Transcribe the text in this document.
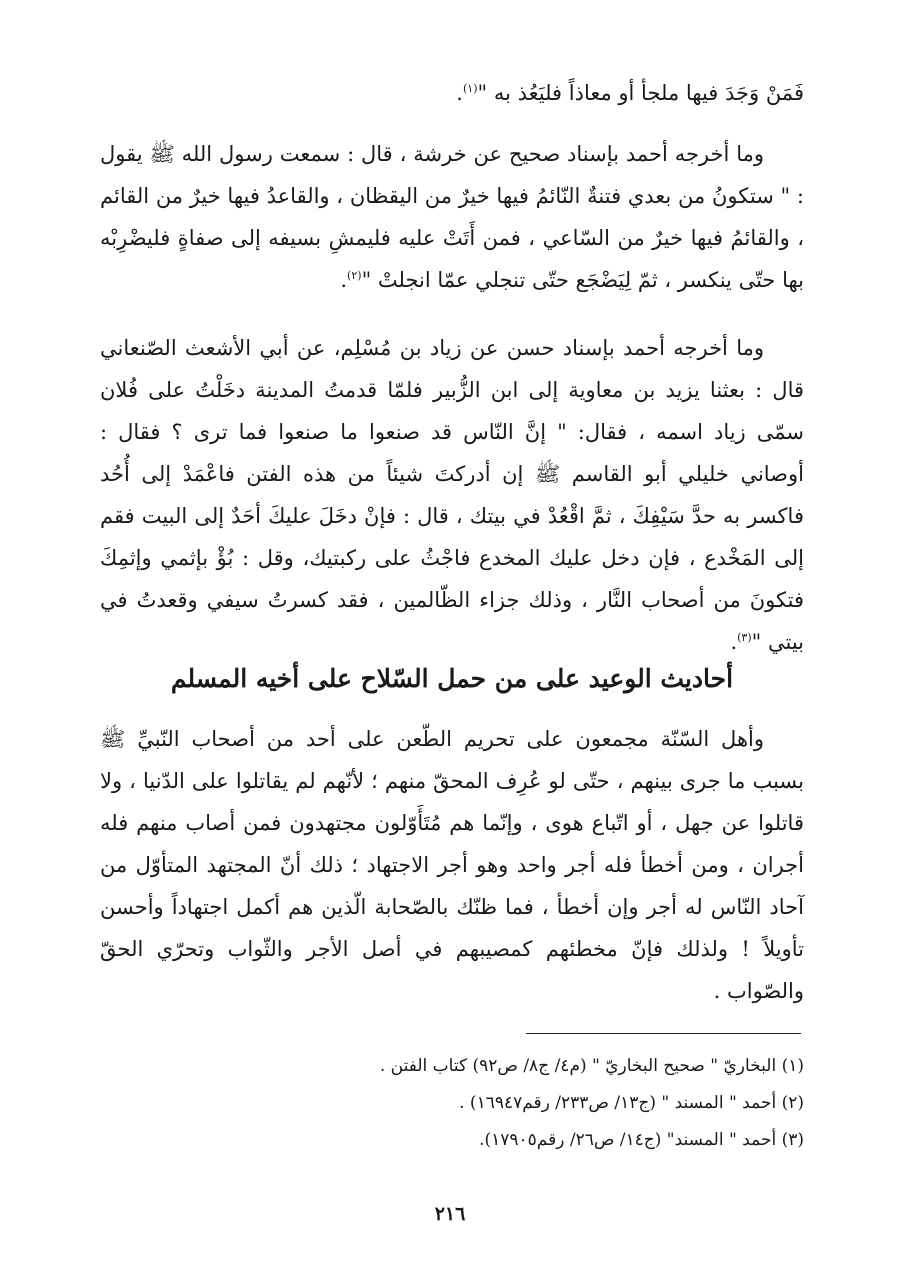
فَمَنْ وَجَدَ فيها ملجأ أو معاذاً فليَعُذ به "$^{(١)}$.

وما أخرجه أحمد بإسناد صحيح عن خرشة ، قال : سمعت رسول الله ﷺ يقول : " ستكونُ من بعدي فتنةٌ النّائمُ فيها خيرٌ من اليقظان ، والقاعدُ فيها خيرٌ من القائم ، والقائمُ فيها خيرٌ من السّاعي ، فمن أَتَتْ عليه فليمشِ بسيفه إلى صفاةٍ فليضْرِبْه بها حتّى ينكسر ، ثمّ لِيَضْجَع حتّى تنجلي عمّا انجلتْ "$^{(٢)}$.

وما أخرجه أحمد بإسناد حسن عن زياد بن مُسْلِم، عن أبي الأشعث الصّنعاني قال : بعثنا يزيد بن معاوية إلى ابن الزُّبير فلمّا قدمتُ المدينة دخَلْتُ على فُلان سمّى زياد اسمه ، فقال: " إنَّ النّاس قد صنعوا ما صنعوا فما ترى ؟ فقال : أوصاني خليلي أبو القاسم ﷺ إن أدركتَ شيئاً من هذه الفتن فاعْمَدْ إلى أُحُد فاكسر به حدَّ سَيْفِكَ ، ثمَّ اقْعُدْ في بيتك ، قال : فإنْ دخَلَ عليكَ أحَدٌ إلى البيت فقم إلى المَخْدع ، فإن دخل عليك المخدع فاجْثُ على ركبتيك، وقل : بُؤْ بإثمي وإثمِكَ فتكونَ من أصحاب النَّار ، وذلك جزاء الظّالمين ، فقد كسرتُ سيفي وقعدتُ في بيتي "$^{(٣)}$.

أحاديث الوعيد على من حمل السّلاح على أخيه المسلم

وأهل السّنّة مجمعون على تحريم الطّعن على أحد من أصحاب النّبيِّ ﷺ بسبب ما جرى بينهم ، حتّى لو عُرِف المحقّ منهم ؛ لأنّهم لم يقاتلوا على الدّنيا ، ولا قاتلوا عن جهل ، أو اتّباع هوى ، وإنّما هم مُتَأَوّلون مجتهدون فمن أصاب منهم فله أجران ، ومن أخطأ فله أجر واحد وهو أجر الاجتهاد ؛ ذلك أنّ المجتهد المتأوّل من آحاد النّاس له أجر وإن أخطأ ، فما ظنّك بالصّحابة الّذين هم أكمل اجتهاداً وأحسن تأويلاً ! ولذلك فإنّ مخطئهم كمصيبهم في أصل الأجر والثّواب وتحرّي الحقّ والصّواب .

(١) البخاريّ " صحيح البخاريّ " (م٤/ ج٨/ ص٩٢) كتاب الفتن .
(٢) أحمد " المسند " (ج١٣/ ص٢٣٣/ رقم١٦٩٤٧) .
(٣) أحمد " المسند" (ج١٤/ ص٢٦/ رقم١٧٩٠٥).
٢١٦
